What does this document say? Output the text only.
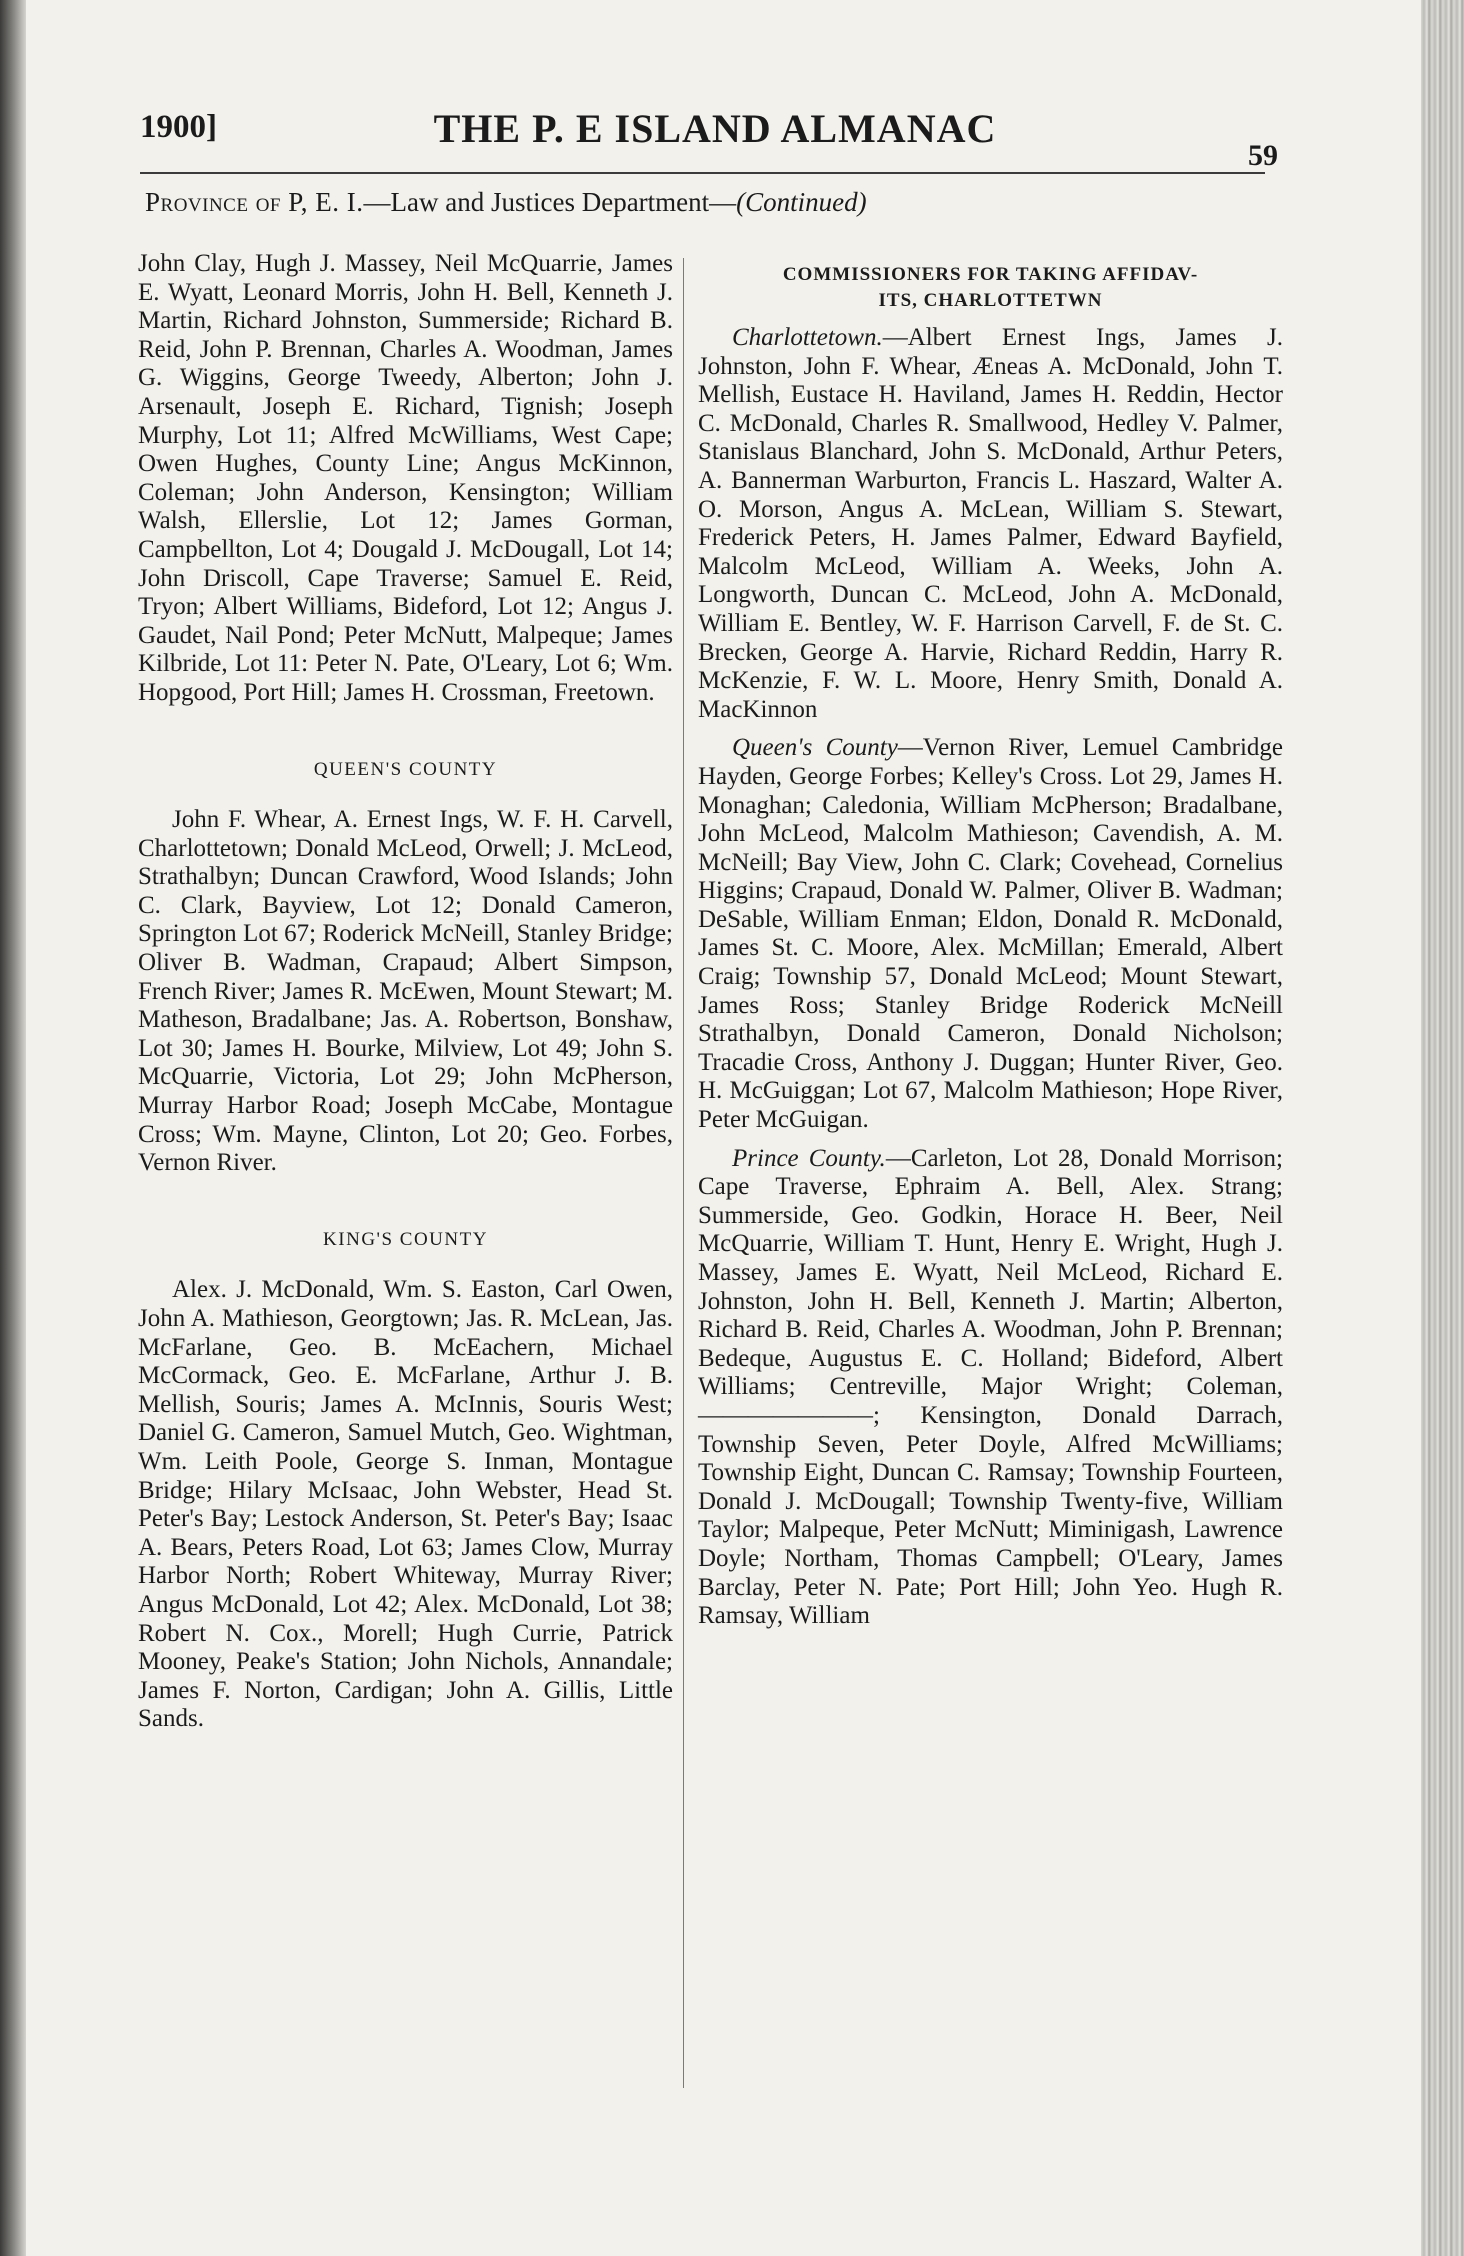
1900]	THE P. E ISLAND ALMANAC
59
Province of P, E. I.—Law and Justices Department—(Continued)

John Clay, Hugh J. Massey, Neil McQuarrie, James E. Wyatt, Leonard Morris, John H. Bell, Kenneth J. Martin, Richard Johnston, Summerside; Richard B. Reid, John P. Brennan, Charles A. Woodman, James G. Wiggins, George Tweedy, Alberton; John J. Arsenault, Joseph E. Richard, Tignish; Joseph Murphy, Lot 11; Alfred McWilliams, West Cape; Owen Hughes, County Line; Angus McKinnon, Coleman; John Anderson, Kensington; William Walsh, Ellerslie, Lot 12; James Gorman, Campbellton, Lot 4; Dougald J. McDougall, Lot 14; John Driscoll, Cape Traverse; Samuel E. Reid, Tryon; Albert Williams, Bideford, Lot 12; Angus J. Gaudet, Nail Pond; Peter McNutt, Malpeque; James Kilbride, Lot 11: Peter N. Pate, O'Leary, Lot 6; Wm. Hopgood, Port Hill; James H. Crossman, Freetown.

QUEEN'S COUNTY

John F. Whear, A. Ernest Ings, W. F. H. Carvell, Charlottetown; Donald McLeod, Orwell; J. McLeod, Strathalbyn; Duncan Crawford, Wood Islands; John C. Clark, Bayview, Lot 12; Donald Cameron, Springton Lot 67; Roderick McNeill, Stanley Bridge; Oliver B. Wadman, Crapaud; Albert Simpson, French River; James R. McEwen, Mount Stewart; M. Matheson, Bradalbane; Jas. A. Robertson, Bonshaw, Lot 30; James H. Bourke, Milview, Lot 49; John S. McQuarrie, Victoria, Lot 29; John McPherson, Murray Harbor Road; Joseph McCabe, Montague Cross; Wm. Mayne, Clinton, Lot 20; Geo. Forbes, Vernon River.

KING'S COUNTY

Alex. J. McDonald, Wm. S. Easton, Carl Owen, John A. Mathieson, Georgtown; Jas. R. McLean, Jas. McFarlane, Geo. B. McEachern, Michael McCormack, Geo. E. McFarlane, Arthur J. B. Mellish, Souris; James A. McInnis, Souris West; Daniel G. Cameron, Samuel Mutch, Geo. Wightman, Wm. Leith Poole, George S. Inman, Montague Bridge; Hilary McIsaac, John Webster, Head St. Peter's Bay; Lestock Anderson, St. Peter's Bay; Isaac A. Bears, Peters Road, Lot 63; James Clow, Murray Harbor North; Robert Whiteway, Murray River; Angus McDonald, Lot 42; Alex. McDonald, Lot 38; Robert N. Cox., Morell; Hugh Currie, Patrick Mooney, Peake's Station; John Nichols, Annandale; James F. Norton, Cardigan; John A. Gillis, Little Sands.

COMMISSIONERS FOR TAKING AFFIDAV-

ITS, CHARLOTTETWN

Charlottetown.—Albert Ernest Ings, James J. Johnston, John F. Whear, Æneas A. McDonald, John T. Mellish, Eustace H. Haviland, James H. Reddin, Hector C. McDonald, Charles R. Smallwood, Hedley V. Palmer, Stanislaus Blanchard, John S. McDonald, Arthur Peters, A. Bannerman Warburton, Francis L. Haszard, Walter A. O. Morson, Angus A. McLean, William S. Stewart, Frederick Peters, H. James Palmer, Edward Bayfield, Malcolm McLeod, William A. Weeks, John A. Longworth, Duncan C. McLeod, John A. McDonald, William E. Bentley, W. F. Harrison Carvell, F. de St. C. Brecken, George A. Harvie, Richard Reddin, Harry R. McKenzie, F. W. L. Moore, Henry Smith, Donald A. MacKinnon

Queen's County—Vernon River, Lemuel Cambridge Hayden, George Forbes; Kelley's Cross. Lot 29, James H. Monaghan; Caledonia, William McPherson; Bradalbane, John McLeod, Malcolm Mathieson; Cavendish, A. M. McNeill; Bay View, John C. Clark; Covehead, Cornelius Higgins; Crapaud, Donald W. Palmer, Oliver B. Wadman; DeSable, William Enman; Eldon, Donald R. McDonald, James St. C. Moore, Alex. McMillan; Emerald, Albert Craig; Township 57, Donald McLeod; Mount Stewart, James Ross; Stanley Bridge Roderick McNeill Strathalbyn, Donald Cameron, Donald Nicholson; Tracadie Cross, Anthony J. Duggan; Hunter River, Geo. H. McGuiggan; Lot 67, Malcolm Mathieson; Hope River, Peter McGuigan.

Prince County.—Carleton, Lot 28, Donald Morrison; Cape Traverse, Ephraim A. Bell, Alex. Strang; Summerside, Geo. Godkin, Horace H. Beer, Neil McQuarrie, William T. Hunt, Henry E. Wright, Hugh J. Massey, James E. Wyatt, Neil McLeod, Richard E. Johnston, John H. Bell, Kenneth J. Martin; Alberton, Richard B. Reid, Charles A. Woodman, John P. Brennan; Bedeque, Augustus E. C. Holland; Bideford, Albert Williams; Centreville, Major Wright; Coleman, ———————; Kensington, Donald Darrach, Township Seven, Peter Doyle, Alfred McWilliams; Township Eight, Duncan C. Ramsay; Township Fourteen, Donald J. McDougall; Township Twenty-five, William Taylor; Malpeque, Peter McNutt; Miminigash, Lawrence Doyle; Northam, Thomas Campbell; O'Leary, James Barclay, Peter N. Pate; Port Hill; John Yeo. Hugh R. Ramsay, William
